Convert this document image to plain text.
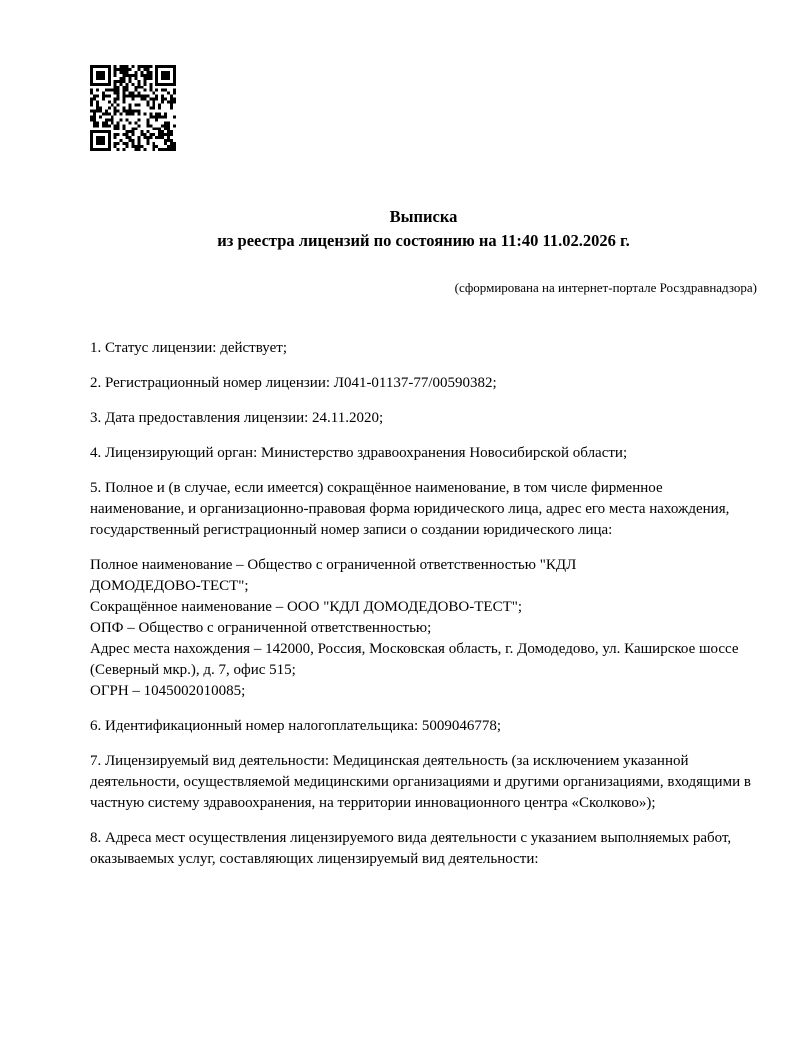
Выписка
из реестра лицензий по состоянию на 11:40 11.02.2026 г.
(сформирована на интернет-портале Росздравнадзора)
1. Статус лицензии: действует;
2. Регистрационный номер лицензии: Л041-01137-77/00590382;
3. Дата предоставления лицензии: 24.11.2020;
4. Лицензирующий орган: Министерство здравоохранения Новосибирской области;
5. Полное и (в случае, если имеется) сокращённое наименование, в том числе фирменное наименование, и организационно-правовая форма юридического лица, адрес его места нахождения, государственный регистрационный номер записи о создании юридического лица:
Полное наименование – Общество с ограниченной ответственностью "КДЛ
ДОМОДЕДОВО-ТЕСТ";
Сокращённое наименование – ООО "КДЛ ДОМОДЕДОВО-ТЕСТ";
ОПФ – Общество с ограниченной ответственностью;
Адрес места нахождения – 142000, Россия, Московская область, г. Домодедово, ул. Каширское шоссе (Северный мкр.), д. 7, офис 515;
ОГРН – 1045002010085;
6. Идентификационный номер налогоплательщика: 5009046778;
7. Лицензируемый вид деятельности: Медицинская деятельность (за исключением указанной деятельности, осуществляемой медицинскими организациями и другими организациями, входящими в частную систему здравоохранения, на территории инновационного центра «Сколково»);
8. Адреса мест осуществления лицензируемого вида деятельности с указанием выполняемых работ, оказываемых услуг, составляющих лицензируемый вид деятельности:
